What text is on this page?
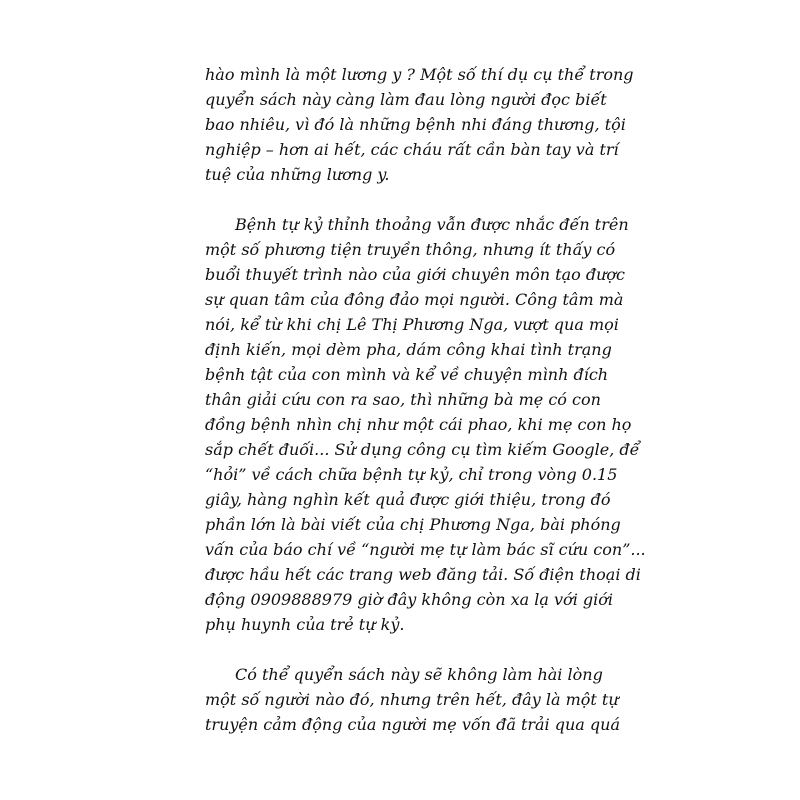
hào mình là một lương y ? Một số thí dụ cụ thể trong
quyển sách này càng làm đau lòng người đọc biết
bao nhiêu, vì đó là những bệnh nhi đáng thương, tội
nghiệp – hơn ai hết, các cháu rất cần bàn tay và trí
tuệ của những lương y.
Bệnh tự kỷ thỉnh thoảng vẫn được nhắc đến trên
một số phương tiện truyền thông, nhưng ít thấy có
buổi thuyết trình nào của giới chuyên môn tạo được
sự quan tâm của đông đảo mọi người. Công tâm mà
nói, kể từ khi chị Lê Thị Phương Nga, vượt qua mọi
định kiến, mọi dèm pha, dám công khai tình trạng
bệnh tật của con mình và kể về chuyện mình đích
thân giải cứu con ra sao, thì những bà mẹ có con
đồng bệnh nhìn chị như một cái phao, khi mẹ con họ
sắp chết đuối... Sử dụng công cụ tìm kiếm Google, để
“hỏi” về cách chữa bệnh tự kỷ, chỉ trong vòng 0.15
giây, hàng nghìn kết quả được giới thiệu, trong đó
phần lớn là bài viết của chị Phương Nga, bài phóng
vấn của báo chí về “người mẹ tự làm bác sĩ cứu con”...
được hầu hết các trang web đăng tải. Số điện thoại di
động 0909888979 giờ đây không còn xa lạ với giới
phụ huynh của trẻ tự kỷ.
Có thể quyển sách này sẽ không làm hài lòng
một số người nào đó, nhưng trên hết, đây là một tự
truyện cảm động của người mẹ vốn đã trải qua quá
